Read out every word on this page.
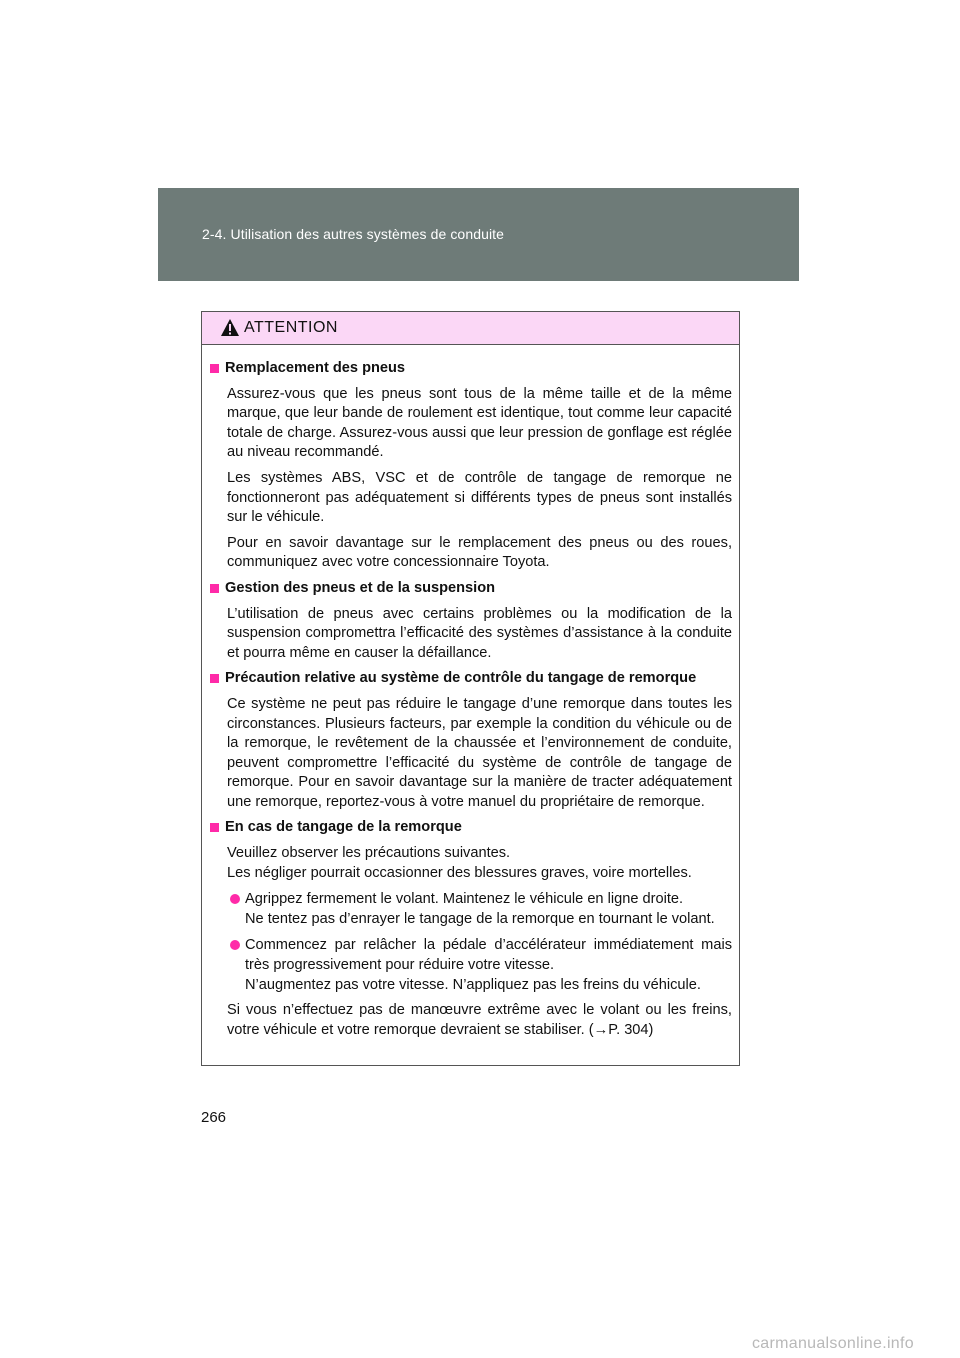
2-4. Utilisation des autres systèmes de conduite
ATTENTION
Remplacement des pneus
Assurez-vous que les pneus sont tous de la même taille et de la même marque, que leur bande de roulement est identique, tout comme leur capacité totale de charge. Assurez-vous aussi que leur pression de gonflage est réglée au niveau recommandé.
Les systèmes ABS, VSC et de contrôle de tangage de remorque ne fonctionneront pas adéquatement si différents types de pneus sont installés sur le véhicule.
Pour en savoir davantage sur le remplacement des pneus ou des roues, communiquez avec votre concessionnaire Toyota.
Gestion des pneus et de la suspension
L’utilisation de pneus avec certains problèmes ou la modification de la suspension compromettra l’efficacité des systèmes d’assistance à la conduite et pourra même en causer la défaillance.
Précaution relative au système de contrôle du tangage de remorque
Ce système ne peut pas réduire le tangage d’une remorque dans toutes les circonstances. Plusieurs facteurs, par exemple la condition du véhicule ou de la remorque, le revêtement de la chaussée et l’environnement de conduite, peuvent compromettre l’efficacité du système de contrôle de tangage de remorque. Pour en savoir davantage sur la manière de tracter adéquatement une remorque, reportez-vous à votre manuel du propriétaire de remorque.
En cas de tangage de la remorque
Veuillez observer les précautions suivantes.
Les négliger pourrait occasionner des blessures graves, voire mortelles.
Agrippez fermement le volant. Maintenez le véhicule en ligne droite.
Ne tentez pas d’enrayer le tangage de la remorque en tournant le volant.
Commencez par relâcher la pédale d’accélérateur immédiatement mais très progressivement pour réduire votre vitesse.
N’augmentez pas votre vitesse. N’appliquez pas les freins du véhicule.
Si vous n’effectuez pas de manœuvre extrême avec le volant ou les freins, votre véhicule et votre remorque devraient se stabiliser. (→P. 304)
266
carmanualsonline.info
